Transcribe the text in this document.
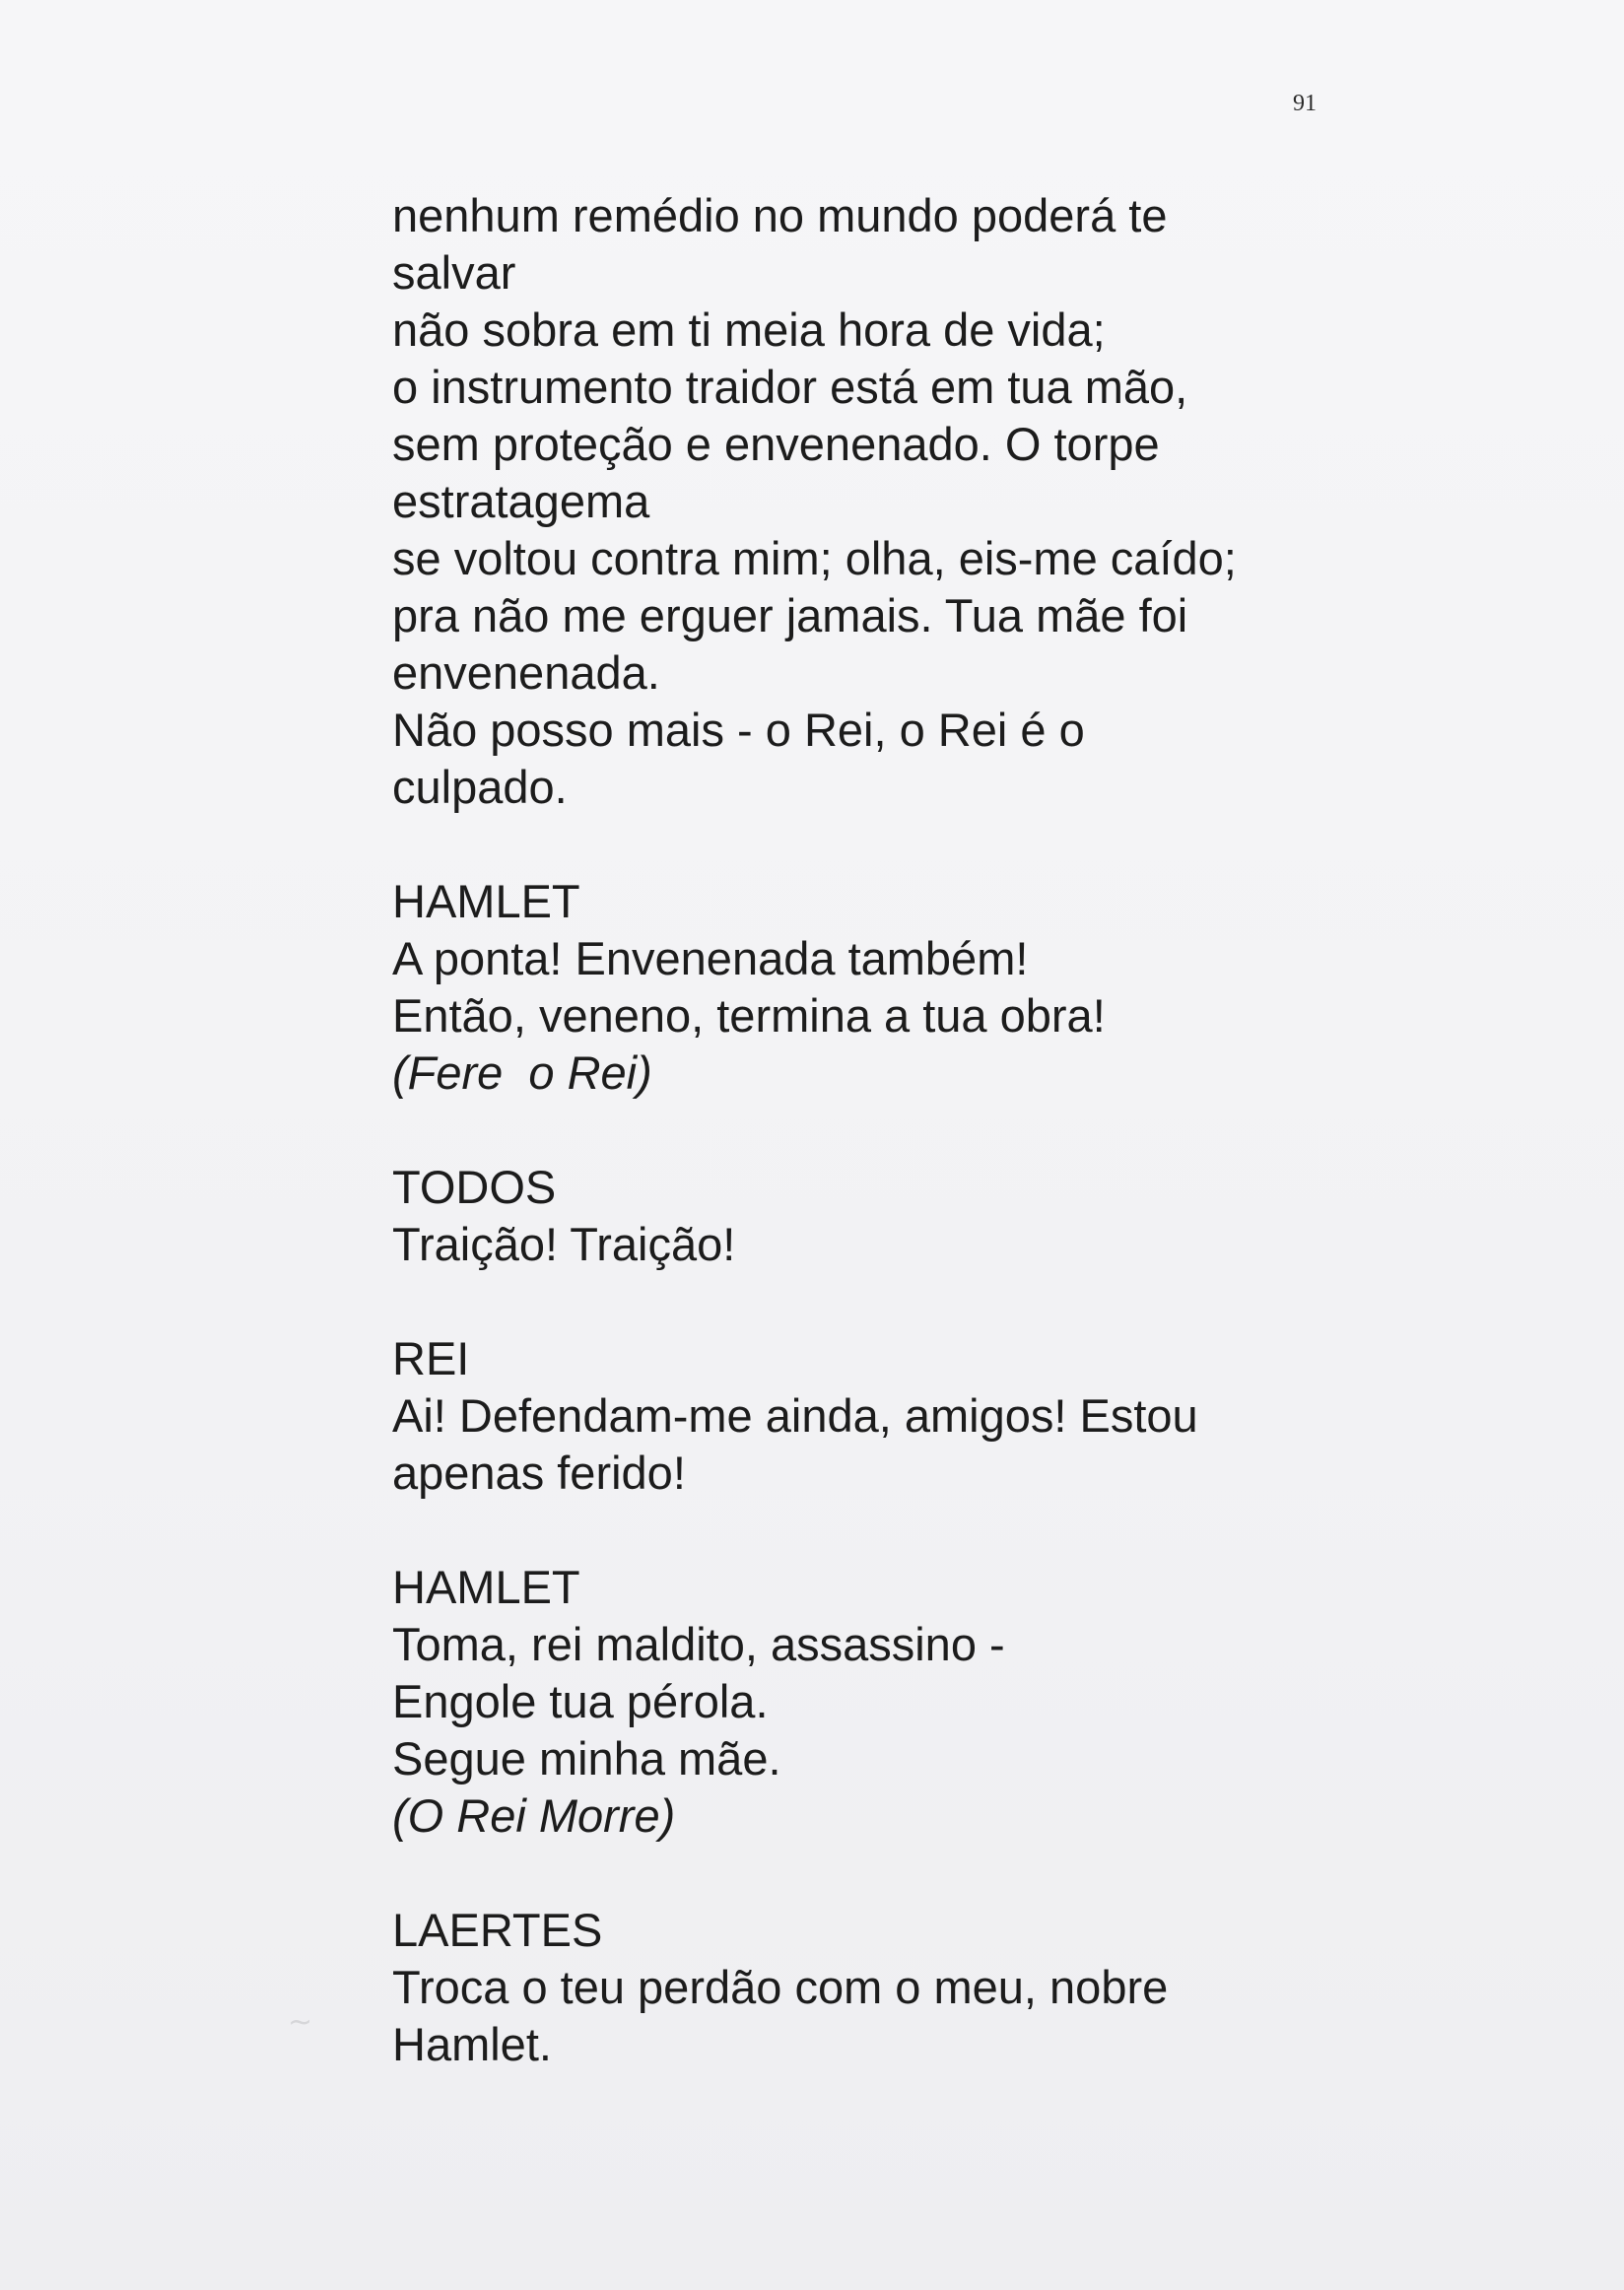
91
~
nenhum remédio no mundo poderá te
salvar
não sobra em ti meia hora de vida;
o instrumento traidor está em tua mão,
sem proteção e envenenado. O torpe
estratagema
se voltou contra mim; olha, eis-me caído;
pra não me erguer jamais. Tua mãe foi
envenenada.
Não posso mais - o Rei, o Rei é o
culpado.
HAMLET
A ponta! Envenenada também!
Então, veneno, termina a tua obra!
(Fere  o Rei)
TODOS
Traição! Traição!
REI
Ai! Defendam-me ainda, amigos! Estou
apenas ferido!
HAMLET
Toma, rei maldito, assassino -
Engole tua pérola.
Segue minha mãe.
(O Rei Morre)
LAERTES
Troca o teu perdão com o meu, nobre
Hamlet.
